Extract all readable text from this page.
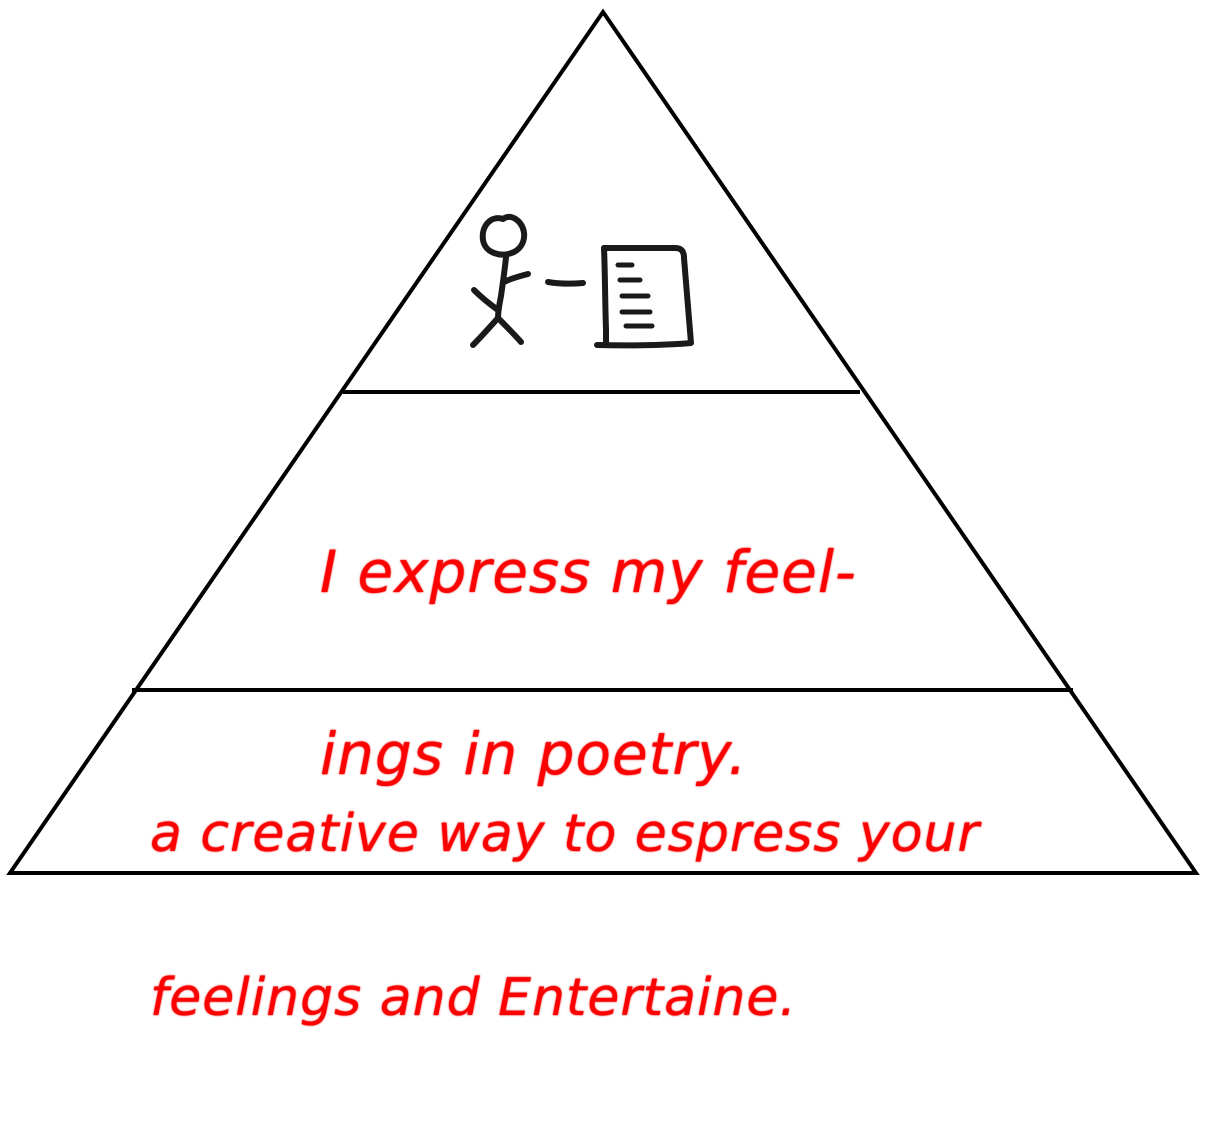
I express my feel-

ings in poetry.

a creative way to espress your

feelings and Entertaine.
